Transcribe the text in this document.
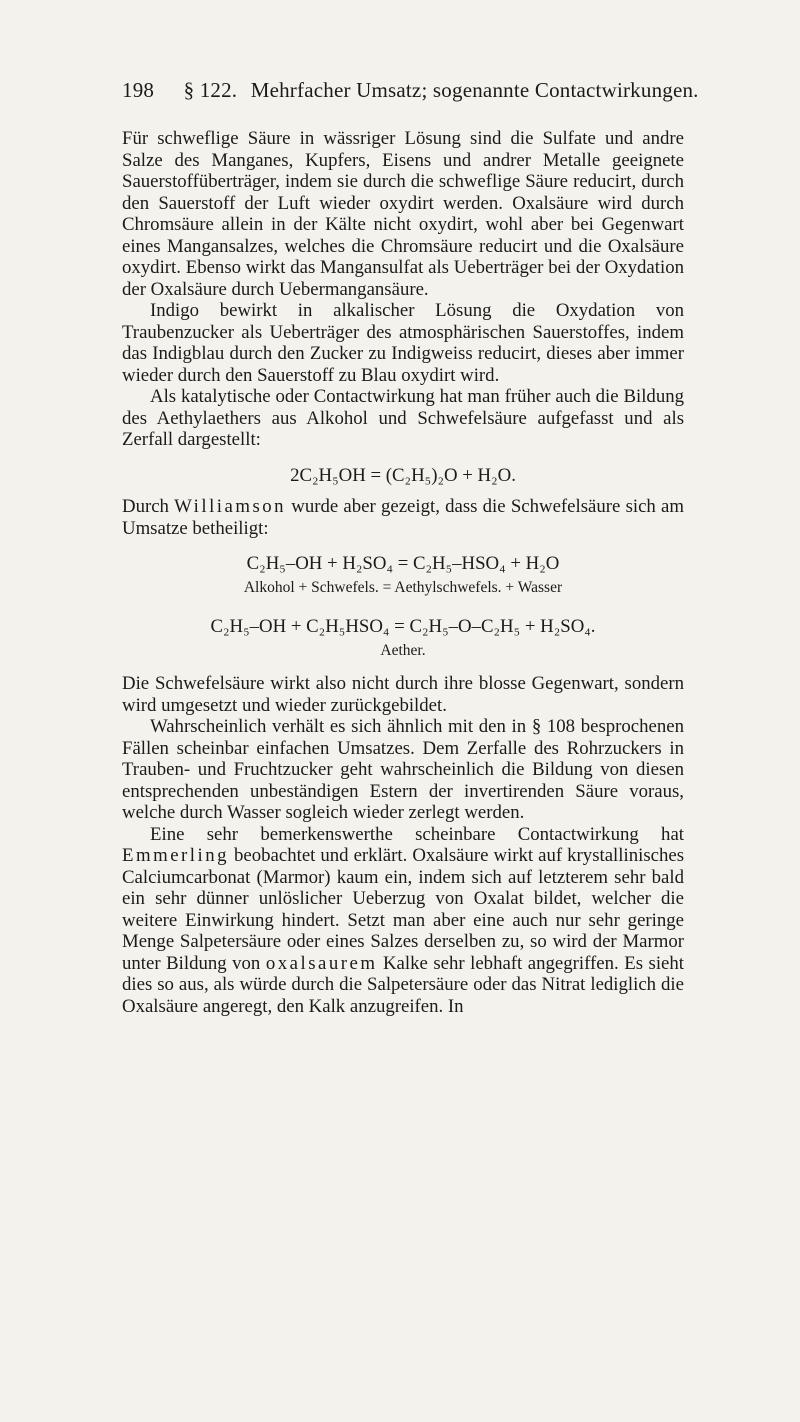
198 § 122. Mehrfacher Umsatz; sogenannte Contactwirkungen.

Für schweflige Säure in wässriger Lösung sind die Sulfate und andre Salze des Manganes, Kupfers, Eisens und andrer Metalle geeignete Sauerstoffüberträger, indem sie durch die schweflige Säure reducirt, durch den Sauerstoff der Luft wieder oxydirt werden. Oxalsäure wird durch Chromsäure allein in der Kälte nicht oxydirt, wohl aber bei Gegenwart eines Mangansalzes, welches die Chromsäure reducirt und die Oxalsäure oxydirt. Ebenso wirkt das Mangansulfat als Ueberträger bei der Oxydation der Oxalsäure durch Uebermangansäure.

Indigo bewirkt in alkalischer Lösung die Oxydation von Traubenzucker als Ueberträger des atmosphärischen Sauerstoffes, indem das Indigblau durch den Zucker zu Indigweiss reducirt, dieses aber immer wieder durch den Sauerstoff zu Blau oxydirt wird.

Als katalytische oder Contactwirkung hat man früher auch die Bildung des Aethylaethers aus Alkohol und Schwefelsäure aufgefasst und als Zerfall dargestellt:

2C₂H₅OH = (C₂H₅)₂O + H₂O.

Durch Williamson wurde aber gezeigt, dass die Schwefelsäure sich am Umsatze betheiligt:

C₂H₅–OH + H₂SO₄ = C₂H₅–HSO₄ + H₂O
Alkohol + Schwefels. = Aethylschwefels. + Wasser
C₂H₅–OH + C₂H₅HSO₄ = C₂H₅–O–C₂H₅ + H₂SO₄.
Aether.

Die Schwefelsäure wirkt also nicht durch ihre blosse Gegenwart, sondern wird umgesetzt und wieder zurückgebildet.

Wahrscheinlich verhält es sich ähnlich mit den in § 108 besprochenen Fällen scheinbar einfachen Umsatzes. Dem Zerfalle des Rohrzuckers in Trauben- und Fruchtzucker geht wahrscheinlich die Bildung von diesen entsprechenden unbeständigen Estern der invertirenden Säure voraus, welche durch Wasser sogleich wieder zerlegt werden.

Eine sehr bemerkenswerthe scheinbare Contactwirkung hat Emmerling beobachtet und erklärt. Oxalsäure wirkt auf krystallinisches Calciumcarbonat (Marmor) kaum ein, indem sich auf letzterem sehr bald ein sehr dünner unlöslicher Ueberzug von Oxalat bildet, welcher die weitere Einwirkung hindert. Setzt man aber eine auch nur sehr geringe Menge Salpetersäure oder eines Salzes derselben zu, so wird der Marmor unter Bildung von oxalsaurem Kalke sehr lebhaft angegriffen. Es sieht dies so aus, als würde durch die Salpetersäure oder das Nitrat lediglich die Oxalsäure angeregt, den Kalk anzugreifen. In
